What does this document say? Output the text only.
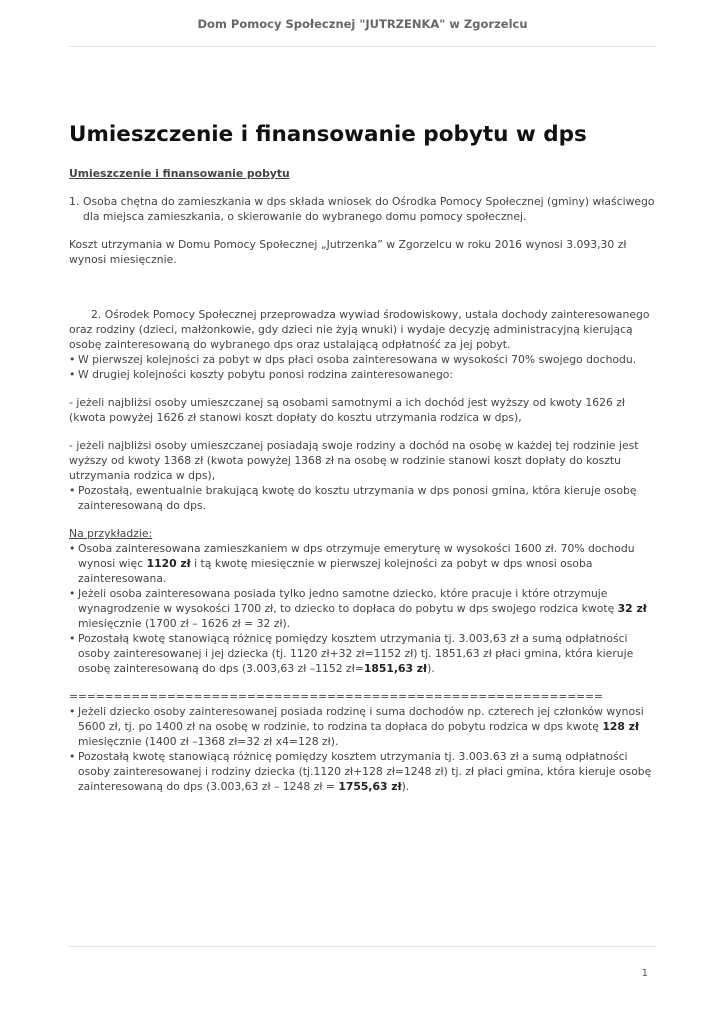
Dom Pomocy Społecznej "JUTRZENKA" w Zgorzelcu
Umieszczenie i finansowanie pobytu w dps

Umieszczenie i finansowanie pobytu

1. Osoba chętna do zamieszkania w dps składa wniosek do Ośrodka Pomocy Społecznej (gminy) właściwego dla miejsca zamieszkania, o skierowanie do wybranego domu pomocy społecznej.

Koszt utrzymania w Domu Pomocy Społecznej „Jutrzenka” w Zgorzelcu w roku 2016 wynosi 3.093,30 zł wynosi miesięcznie.

2. Ośrodek Pomocy Społecznej przeprowadza wywiad środowiskowy, ustala dochody zainteresowanego oraz rodziny (dzieci, małżonkowie, gdy dzieci nie żyją wnuki) i wydaje decyzję administracyjną kierującą osobę zainteresowaną do wybranego dps oraz ustalającą odpłatność za jej pobyt.

• W pierwszej kolejności za pobyt w dps płaci osoba zainteresowana w wysokości 70% swojego dochodu.
• W drugiej kolejności koszty pobytu ponosi rodzina zainteresowanego:

- jeżeli najbliżsi osoby umieszczanej są osobami samotnymi a ich dochód jest wyższy od kwoty 1626 zł (kwota powyżej 1626 zł stanowi koszt dopłaty do kosztu utrzymania rodzica w dps),

- jeżeli najbliżsi osoby umieszczanej posiadają swoje rodziny a dochód na osobę w każdej tej rodzinie jest wyższy od kwoty 1368 zł (kwota powyżej 1368 zł na osobę w rodzinie stanowi koszt dopłaty do kosztu utrzymania rodzica w dps),

• Pozostałą, ewentualnie brakującą kwotę do kosztu utrzymania w dps ponosi gmina, która kieruje osobę zainteresowaną do dps.

Na przykładzie:

• Osoba zainteresowana zamieszkaniem w dps otrzymuje emeryturę w wysokości 1600 zł. 70% dochodu wynosi więc 1120 zł i tą kwotę miesięcznie w pierwszej kolejności za pobyt w dps wnosi osoba zainteresowana.
• Jeżeli osoba zainteresowana posiada tylko jedno samotne dziecko, które pracuje i które otrzymuje wynagrodzenie w wysokości 1700 zł, to dziecko to dopłaca do pobytu w dps swojego rodzica kwotę 32 zł miesięcznie (1700 zł – 1626 zł = 32 zł).
• Pozostałą kwotę stanowiącą różnicę pomiędzy kosztem utrzymania tj. 3.003,63 zł a sumą odpłatności osoby zainteresowanej i jej dziecka (tj. 1120 zł+32 zł=1152 zł) tj. 1851,63 zł płaci gmina, która kieruje osobę zainteresowaną do dps (3.003,63 zł –1152 zł=1851,63 zł).

============================================================

• Jeżeli dziecko osoby zainteresowanej posiada rodzinę i suma dochodów np. czterech jej członków wynosi 5600 zł, tj. po 1400 zł na osobę w rodzinie, to rodzina ta dopłaca do pobytu rodzica w dps kwotę 128 zł miesięcznie (1400 zł –1368 zł=32 zł x4=128 zł).
• Pozostałą kwotę stanowiącą różnicę pomiędzy kosztem utrzymania tj. 3.003.63 zł a sumą odpłatności osoby zainteresowanej i rodziny dziecka (tj.1120 zł+128 zł=1248 zł) tj. zł płaci gmina, która kieruje osobę zainteresowaną do dps (3.003,63 zł – 1248 zł = 1755,63 zł).
1
